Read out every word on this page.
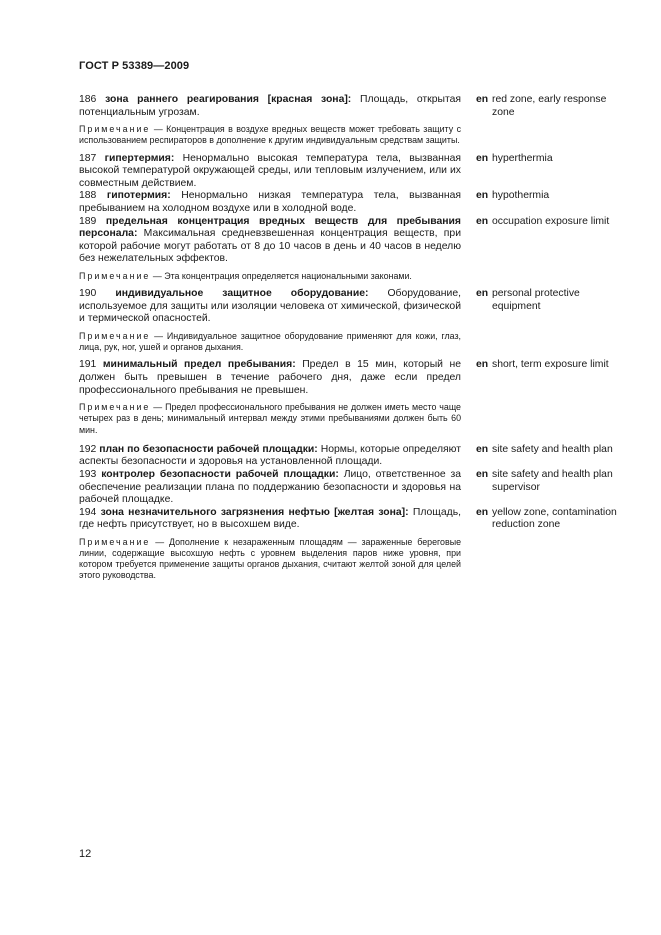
ГОСТ Р 53389—2009
186 зона раннего реагирования [красная зона]: Площадь, открытая потенциальным угрозам.
en red zone, early response zone
Примечание — Концентрация в воздухе вредных веществ может требовать защиту с использованием респираторов в дополнение к другим индивидуальным средствам защиты.
187 гипертермия: Ненормально высокая температура тела, вызванная высокой температурой окружающей среды, или тепловым излучением, или их совместным действием.
en hyperthermia
188 гипотермия: Ненормально низкая температура тела, вызванная пребыванием на холодном воздухе или в холодной воде.
en hypothermia
189 предельная концентрация вредных веществ для пребывания персонала: Максимальная средневзвешенная концентрация веществ, при которой рабочие могут работать от 8 до 10 часов в день и 40 часов в неделю без нежелательных эффектов.
en occupation exposure limit
Примечание — Эта концентрация определяется национальными законами.
190 индивидуальное защитное оборудование: Оборудование, используемое для защиты или изоляции человека от химической, физической и термической опасностей.
en personal protective equipment
Примечание — Индивидуальное защитное оборудование применяют для кожи, глаз, лица, рук, ног, ушей и органов дыхания.
191 минимальный предел пребывания: Предел в 15 мин, который не должен быть превышен в течение рабочего дня, даже если предел профессионального пребывания не превышен.
en short, term exposure limit
Примечание — Предел профессионального пребывания не должен иметь место чаще четырех раз в день; минимальный интервал между этими пребываниями должен быть 60 мин.
192 план по безопасности рабочей площадки: Нормы, которые определяют аспекты безопасности и здоровья на установленной площади.
en site safety and health plan
193 контролер безопасности рабочей площадки: Лицо, ответственное за обеспечение реализации плана по поддержанию безопасности и здоровья на рабочей площадке.
en site safety and health plan supervisor
194 зона незначительного загрязнения нефтью [желтая зона]: Площадь, где нефть присутствует, но в высохшем виде.
en yellow zone, contamination reduction zone
Примечание — Дополнение к незараженным площадям — зараженные береговые линии, содержащие высохшую нефть с уровнем выделения паров ниже уровня, при котором требуется применение защиты органов дыхания, считают желтой зоной для целей этого руководства.
12
